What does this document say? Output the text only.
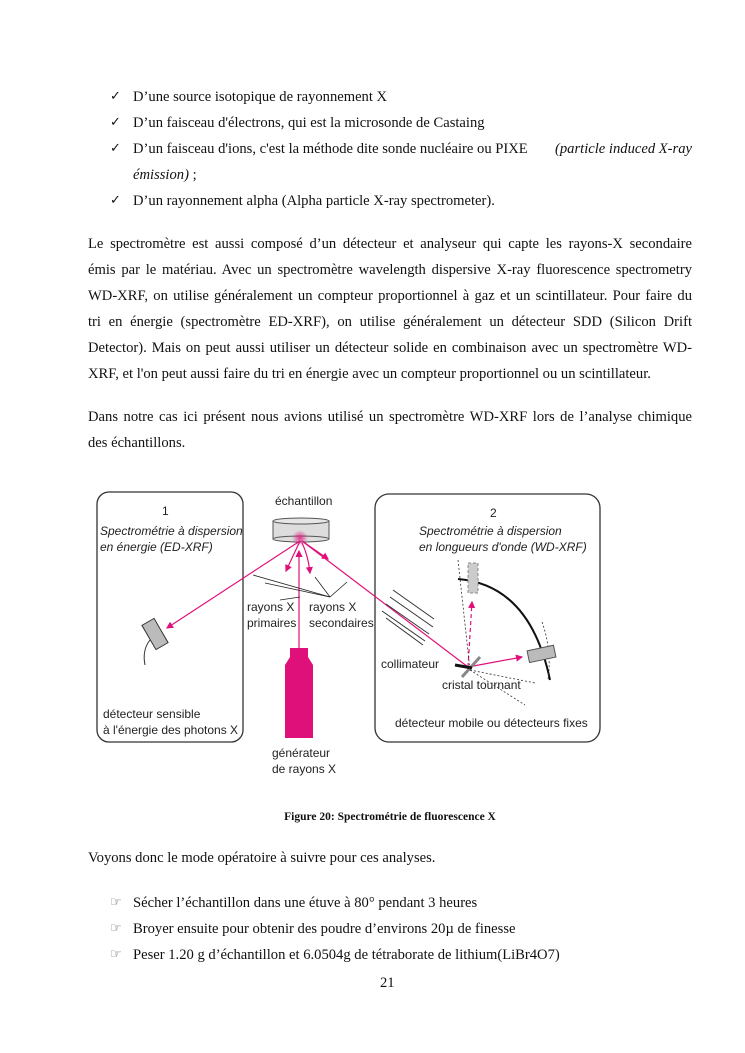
✓ D’une source isotopique de rayonnement X
✓ D’un faisceau d'électrons, qui est la microsonde de Castaing
✓ D’un faisceau d'ions, c'est la méthode dite sonde nucléaire ou PIXE (particle induced X-ray
émission) ;
✓ D’un rayonnement alpha (Alpha particle X-ray spectrometer).
Le spectromètre est aussi composé d’un détecteur et analyseur qui capte les rayons-X secondaire
émis par le matériau. Avec un spectromètre wavelength dispersive X-ray fluorescence spectrometry
WD-XRF, on utilise généralement un compteur proportionnel à gaz et un scintillateur. Pour faire du
tri en énergie (spectromètre ED-XRF), on utilise généralement un détecteur SDD (Silicon Drift
Detector). Mais on peut aussi utiliser un détecteur solide en combinaison avec un spectromètre WD-
XRF, et l'on peut aussi faire du tri en énergie avec un compteur proportionnel ou un scintillateur.
Dans notre cas ici présent nous avions utilisé un spectromètre WD-XRF lors de l’analyse chimique
des échantillons.
1
Spectrométrie à dispersion
en énergie (ED-XRF)
détecteur sensible
à l'énergie des photons X
échantillon
rayons X
primaires
rayons X
secondaires
générateur
de rayons X
2
Spectrométrie à dispersion
en longueurs d'onde (WD-XRF)
collimateur
cristal tournant
détecteur mobile ou détecteurs fixes
Figure 20: Spectrométrie de fluorescence X
Voyons donc le mode opératoire à suivre pour ces analyses.
☞ Sécher l’échantillon dans une étuve à 80° pendant 3 heures
☞ Broyer ensuite pour obtenir des poudre d’environs 20µ de finesse
☞ Peser 1.20 g d’échantillon et 6.0504g de tétraborate de lithium(LiBr4O7)
21
